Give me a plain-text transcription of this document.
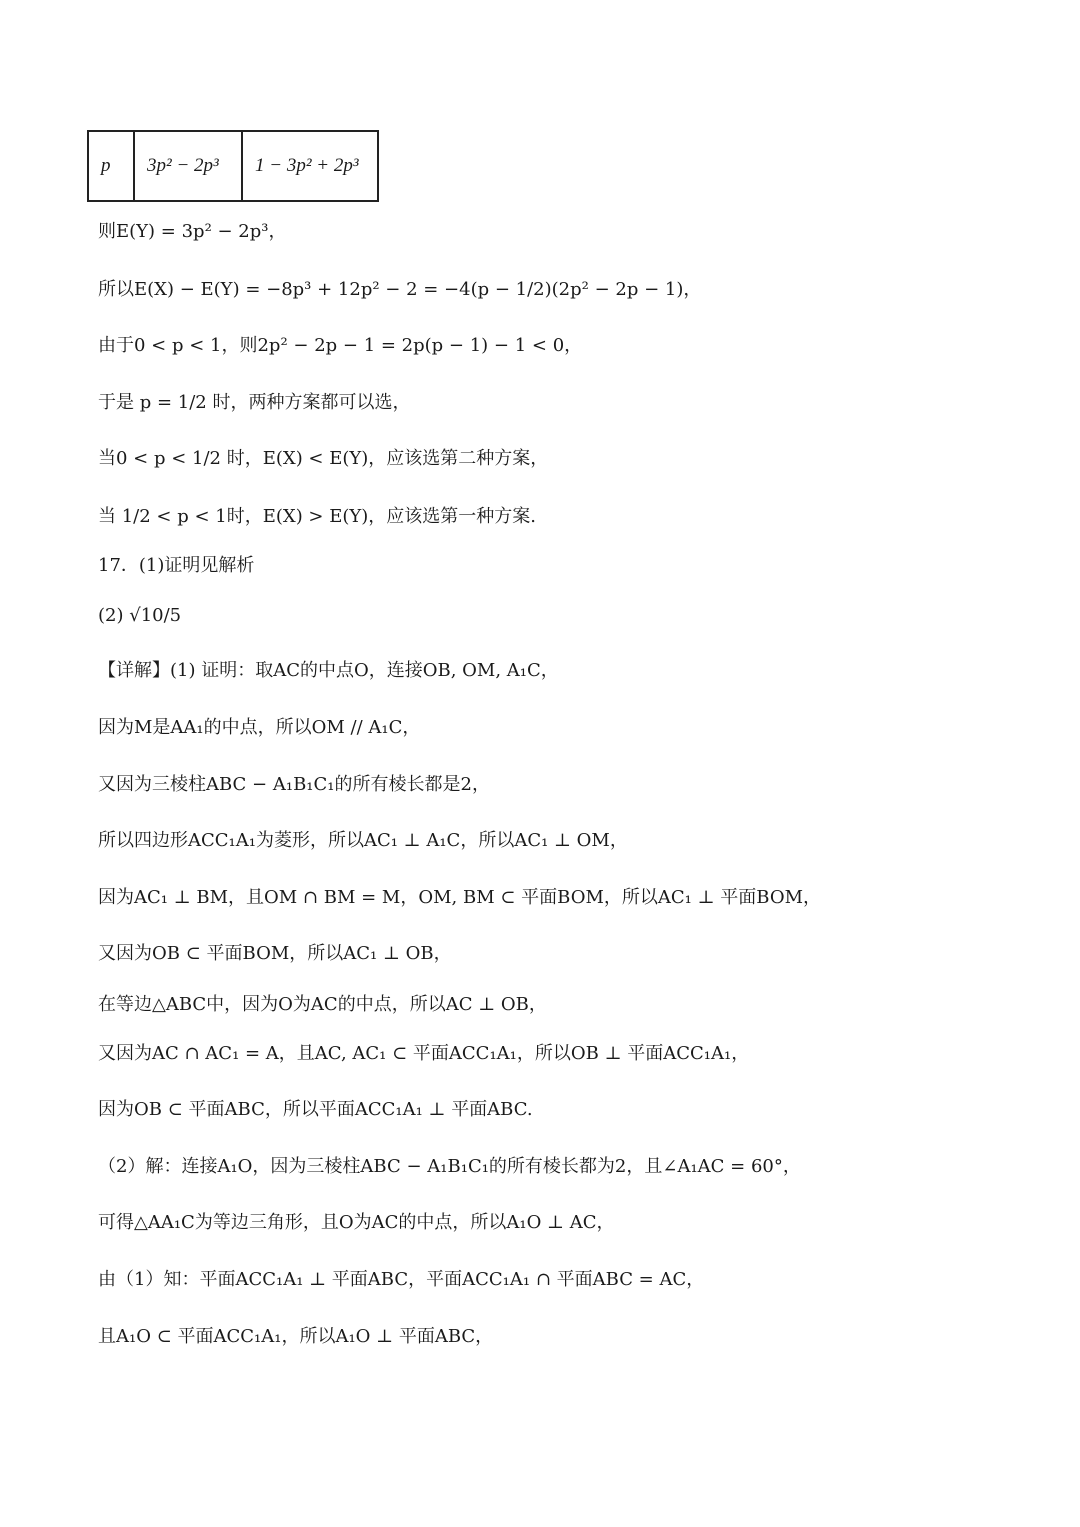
p	3p² − 2p³	1 − 3p² + 2p³
则E(Y) = 3p² − 2p³，
所以E(X) − E(Y) = −8p³ + 12p² − 2 = −4(p − 1/2)(2p² − 2p − 1)，
由于0 < p < 1，则2p² − 2p − 1 = 2p(p − 1) − 1 < 0，
于是 p = 1/2 时，两种方案都可以选，
当0 < p < 1/2 时，E(X) < E(Y)，应该选第二种方案，
当 1/2 < p < 1时，E(X) > E(Y)，应该选第一种方案.
17．(1)证明见解析
(2) √10/5
【详解】(1) 证明：取AC的中点O，连接OB, OM, A₁C，
因为M是AA₁的中点，所以OM // A₁C，
又因为三棱柱ABC − A₁B₁C₁的所有棱长都是2，
所以四边形ACC₁A₁为菱形，所以AC₁ ⊥ A₁C，所以AC₁ ⊥ OM，
因为AC₁ ⊥ BM，且OM ∩ BM = M，OM, BM ⊂ 平面BOM，所以AC₁ ⊥ 平面BOM，
又因为OB ⊂ 平面BOM，所以AC₁ ⊥ OB，
在等边△ABC中，因为O为AC的中点，所以AC ⊥ OB，
又因为AC ∩ AC₁ = A，且AC, AC₁ ⊂ 平面ACC₁A₁，所以OB ⊥ 平面ACC₁A₁，
因为OB ⊂ 平面ABC，所以平面ACC₁A₁ ⊥ 平面ABC.
（2）解：连接A₁O，因为三棱柱ABC − A₁B₁C₁的所有棱长都为2，且∠A₁AC = 60°，
可得△AA₁C为等边三角形，且O为AC的中点，所以A₁O ⊥ AC，
由（1）知：平面ACC₁A₁ ⊥ 平面ABC，平面ACC₁A₁ ∩ 平面ABC = AC，
且A₁O ⊂ 平面ACC₁A₁，所以A₁O ⊥ 平面ABC，
